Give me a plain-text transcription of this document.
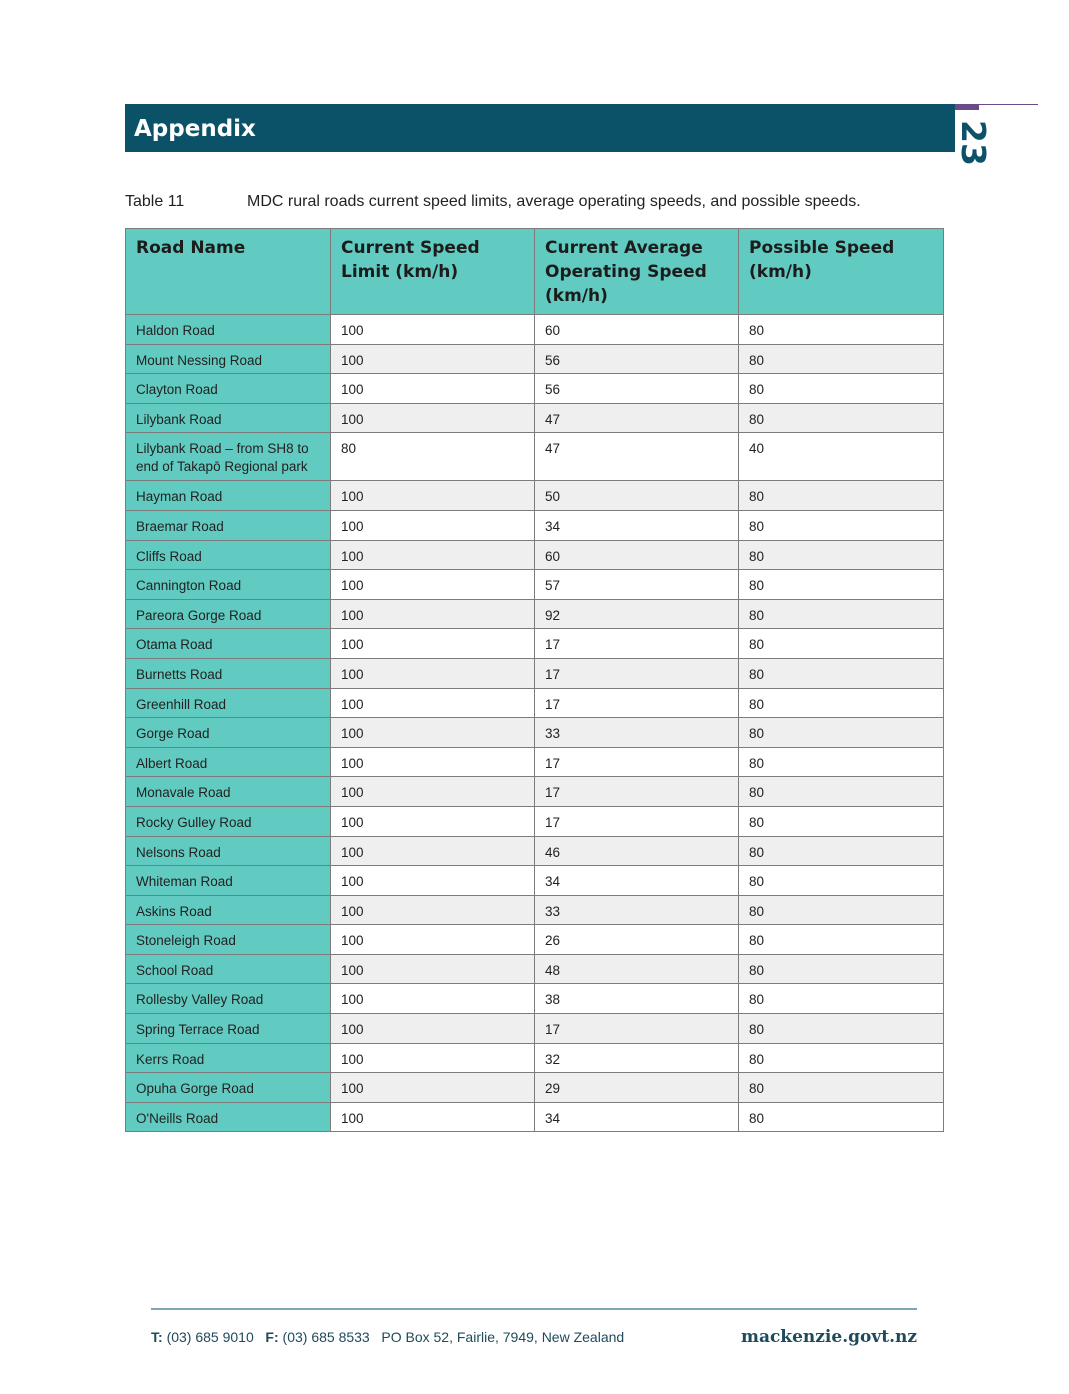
Appendix	23
Table 11	MDC rural roads current speed limits, average operating speeds, and possible speeds.
Road Name	Current Speed Limit (km/h)	Current Average Operating Speed (km/h)	Possible Speed (km/h)
Haldon Road	100	60	80
Mount Nessing Road	100	56	80
Clayton Road	100	56	80
Lilybank Road	100	47	80
Lilybank Road – from SH8 to end of Takapō Regional park	80	47	40
Hayman Road	100	50	80
Braemar Road	100	34	80
Cliffs Road	100	60	80
Cannington Road	100	57	80
Pareora Gorge Road	100	92	80
Otama Road	100	17	80
Burnetts Road	100	17	80
Greenhill Road	100	17	80
Gorge Road	100	33	80
Albert Road	100	17	80
Monavale Road	100	17	80
Rocky Gulley Road	100	17	80
Nelsons Road	100	46	80
Whiteman Road	100	34	80
Askins Road	100	33	80
Stoneleigh Road	100	26	80
School Road	100	48	80
Rollesby Valley Road	100	38	80
Spring Terrace Road	100	17	80
Kerrs Road	100	32	80
Opuha Gorge Road	100	29	80
O'Neills Road	100	34	80
T: (03) 685 9010 F: (03) 685 8533 PO Box 52, Fairlie, 7949, New Zealand	mackenzie.govt.nz
